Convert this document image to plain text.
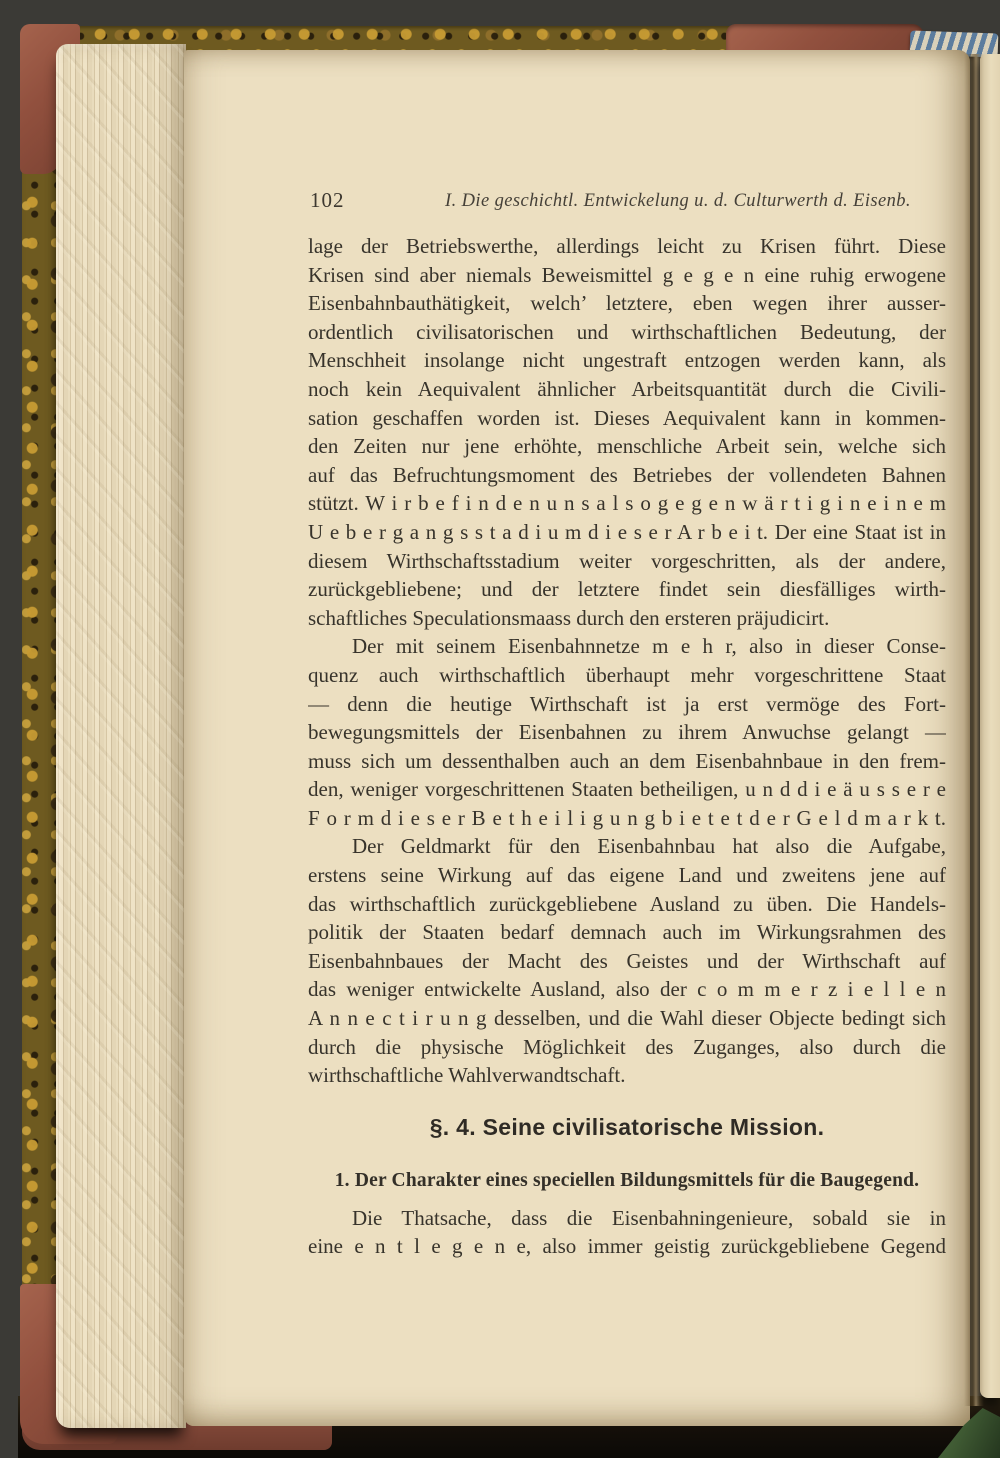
102	I. Die geschichtl. Entwickelung u. d. Culturwerth d. Eisenb.
lage der Betriebswerthe, allerdings leicht zu Krisen führt. Diese
Krisen sind aber niemals Beweismittel g e g e n eine ruhig erwogene
Eisenbahnbauthätigkeit, welch’ letztere, eben wegen ihrer ausser-
ordentlich civilisatorischen und wirthschaftlichen Bedeutung, der
Menschheit insolange nicht ungestraft entzogen werden kann, als
noch kein Aequivalent ähnlicher Arbeitsquantität durch die Civili-
sation geschaffen worden ist. Dieses Aequivalent kann in kommen-
den Zeiten nur jene erhöhte, menschliche Arbeit sein, welche sich
auf das Befruchtungsmoment des Betriebes der vollendeten Bahnen
stützt. W i r b e f i n d e n u n s a l s o g e g e n w ä r t i g i n e i n e m
U e b e r g a n g s s t a d i u m d i e s e r A r b e i t. Der eine Staat ist in
diesem Wirthschaftsstadium weiter vorgeschritten, als der andere,
zurückgebliebene; und der letztere findet sein diesfälliges wirth-
schaftliches Speculationsmaass durch den ersteren präjudicirt.
Der mit seinem Eisenbahnnetze m e h r, also in dieser Conse-
quenz auch wirthschaftlich überhaupt mehr vorgeschrittene Staat
— denn die heutige Wirthschaft ist ja erst vermöge des Fort-
bewegungsmittels der Eisenbahnen zu ihrem Anwuchse gelangt —
muss sich um dessenthalben auch an dem Eisenbahnbaue in den frem-
den, weniger vorgeschrittenen Staaten betheiligen, u n d d i e ä u s s e r e
F o r m d i e s e r B e t h e i l i g u n g b i e t e t d e r G e l d m a r k t.
Der Geldmarkt für den Eisenbahnbau hat also die Aufgabe,
erstens seine Wirkung auf das eigene Land und zweitens jene auf
das wirthschaftlich zurückgebliebene Ausland zu üben. Die Handels-
politik der Staaten bedarf demnach auch im Wirkungsrahmen des
Eisenbahnbaues der Macht des Geistes und der Wirthschaft auf
das weniger entwickelte Ausland, also der c o m m e r z i e l l e n
A n n e c t i r u n g desselben, und die Wahl dieser Objecte bedingt sich
durch die physische Möglichkeit des Zuganges, also durch die
wirthschaftliche Wahlverwandtschaft.
§. 4. Seine civilisatorische Mission.
1. Der Charakter eines speciellen Bildungsmittels für die Baugegend.
Die Thatsache, dass die Eisenbahningenieure, sobald sie in
eine e n t l e g e n e, also immer geistig zurückgebliebene Gegend
